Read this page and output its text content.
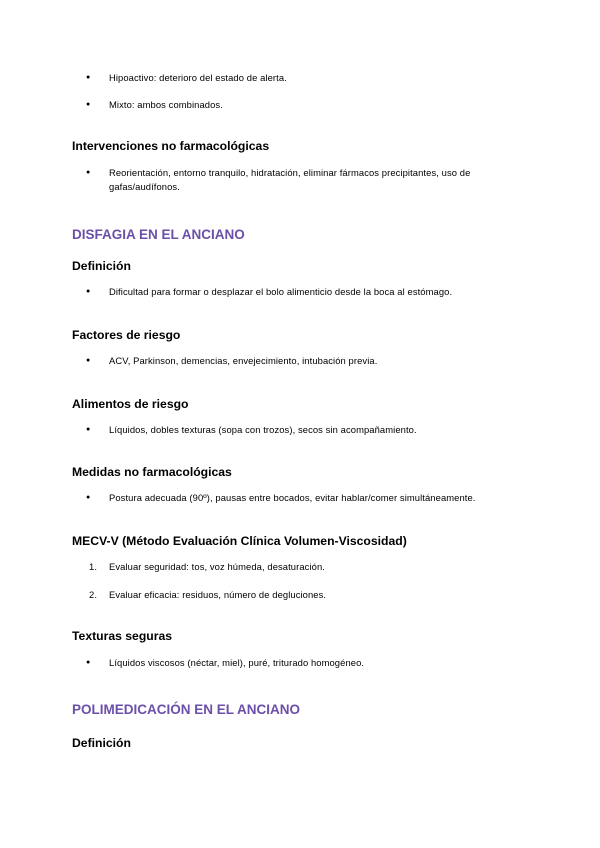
● Hipoactivo: deterioro del estado de alerta.
● Mixto: ambos combinados.
Intervenciones no farmacológicas
● Reorientación, entorno tranquilo, hidratación, eliminar fármacos precipitantes, uso de gafas/audífonos.
DISFAGIA EN EL ANCIANO
Definición
● Dificultad para formar o desplazar el bolo alimenticio desde la boca al estómago.
Factores de riesgo
● ACV, Parkinson, demencias, envejecimiento, intubación previa.
Alimentos de riesgo
● Líquidos, dobles texturas (sopa con trozos), secos sin acompañamiento.
Medidas no farmacológicas
● Postura adecuada (90º), pausas entre bocados, evitar hablar/comer simultáneamente.
MECV-V (Método Evaluación Clínica Volumen-Viscosidad)
1. Evaluar seguridad: tos, voz húmeda, desaturación.
2. Evaluar eficacia: residuos, número de degluciones.
Texturas seguras
● Líquidos viscosos (néctar, miel), puré, triturado homogéneo.
POLIMEDICACIÓN EN EL ANCIANO
Definición
